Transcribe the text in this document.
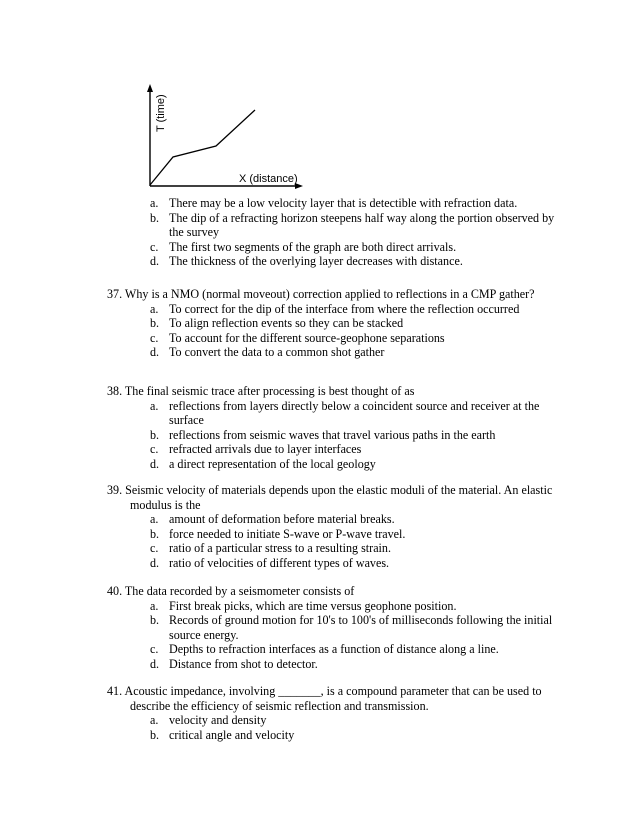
T (time)
X (distance)
a. There may be a low velocity layer that is detectible with refraction data.
b. The dip of a refracting horizon steepens half way along the portion observed by the survey
c. The first two segments of the graph are both direct arrivals.
d. The thickness of the overlying layer decreases with distance.
37. Why is a NMO (normal moveout) correction applied to reflections in a CMP gather?
a. To correct for the dip of the interface from where the reflection occurred
b. To align reflection events so they can be stacked
c. To account for the different source-geophone separations
d. To convert the data to a common shot gather
38. The final seismic trace after processing is best thought of as
a. reflections from layers directly below a coincident source and receiver at the surface
b. reflections from seismic waves that travel various paths in the earth
c. refracted arrivals due to layer interfaces
d. a direct representation of the local geology
39. Seismic velocity of materials depends upon the elastic moduli of the material. An elastic modulus is the
a. amount of deformation before material breaks.
b. force needed to initiate S-wave or P-wave travel.
c. ratio of a particular stress to a resulting strain.
d. ratio of velocities of different types of waves.
40. The data recorded by a seismometer consists of
a. First break picks, which are time versus geophone position.
b. Records of ground motion for 10's to 100's of milliseconds following the initial source energy.
c. Depths to refraction interfaces as a function of distance along a line.
d. Distance from shot to detector.
41. Acoustic impedance, involving _______, is a compound parameter that can be used to describe the efficiency of seismic reflection and transmission.
a. velocity and density
b. critical angle and velocity
